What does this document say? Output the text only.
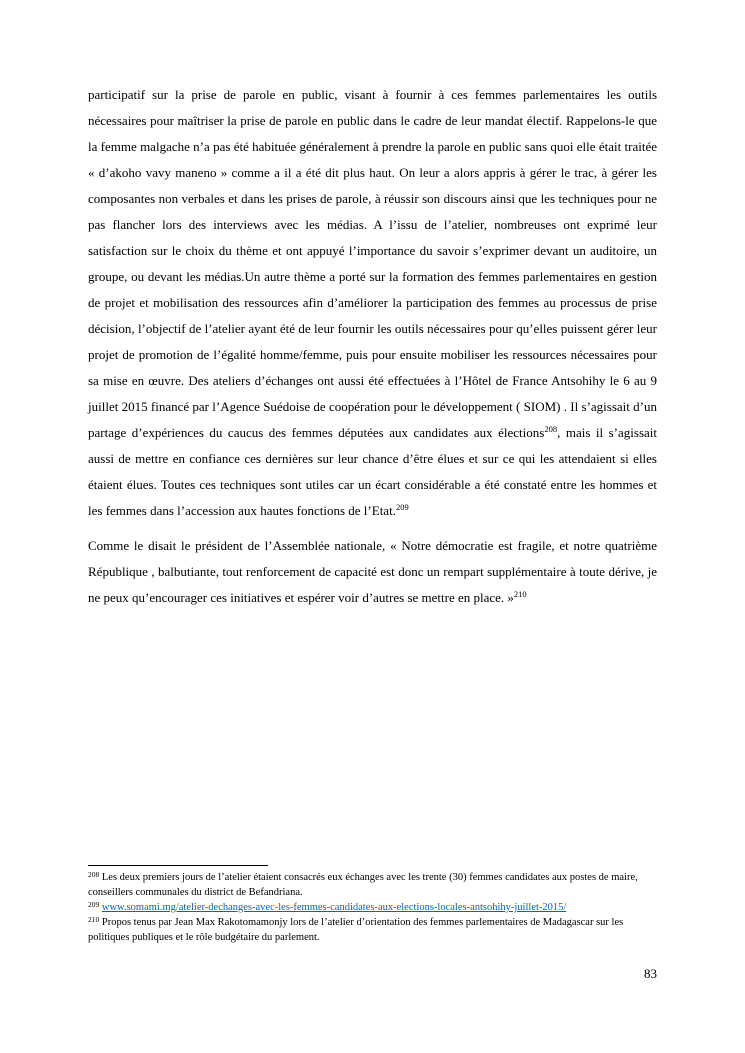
participatif sur la prise de parole en public, visant à fournir à ces femmes parlementaires les outils nécessaires pour maîtriser la prise de parole en public dans le cadre de leur mandat électif. Rappelons-le que la femme malgache n’a pas été habituée généralement à prendre la parole en public sans quoi elle était traitée « d’akoho vavy maneno » comme a il a été dit plus haut. On leur a alors appris à gérer le trac, à gérer les composantes non verbales et dans les prises de parole, à réussir son discours ainsi que les techniques pour ne pas flancher lors des interviews avec les médias. A l’issu de l’atelier, nombreuses ont exprimé leur satisfaction sur le choix du thème et ont appuyé l’importance du savoir s’exprimer devant un auditoire, un groupe, ou devant les médias.Un autre thème a porté sur la formation des femmes parlementaires en gestion de projet et mobilisation des ressources afin d’améliorer la participation des femmes au processus de prise décision, l’objectif de l’atelier ayant été de leur fournir les outils nécessaires pour qu’elles puissent gérer leur projet de promotion de l’égalité homme/femme, puis pour ensuite mobiliser les ressources nécessaires pour sa mise en œuvre. Des ateliers d’échanges ont aussi été effectuées à l’Hôtel de France Antsohihy le 6 au 9 juillet 2015 financé par l’Agence Suédoise de coopération pour le développement ( SIOM) . Il s’agissait d’un partage d’expériences du caucus des femmes députées aux candidates aux élections$^{208}$, mais il s’agissait aussi de mettre en confiance ces dernières sur leur chance d’être élues et sur ce qui les attendaient si elles étaient élues. Toutes ces techniques sont utiles car un écart considérable a été constaté entre les hommes et les femmes dans l’accession aux hautes fonctions de l’Etat.$^{209}$

Comme le disait le président de l’Assemblée nationale, « Notre démocratie est fragile, et notre quatrième République , balbutiante, tout renforcement de capacité est donc un rempart supplémentaire à toute dérive, je ne peux qu’encourager ces initiatives et espérer voir d’autres se mettre en place. »$^{210}$

$^{208}$ Les deux premiers jours de l’atelier étaient consacrés eux échanges avec les trente (30) femmes candidates aux postes de maire, conseillers communales du district de Befandriana.
$^{209}$ www.somami.mg/atelier-dechanges-avec-les-femmes-candidates-aux-elections-locales-antsohihy-juillet-2015/
$^{210}$ Propos tenus par Jean Max Rakotomamonjy lors de l’atelier d’orientation des femmes parlementaires de Madagascar sur les politiques publiques et le rôle budgétaire du parlement.
83
